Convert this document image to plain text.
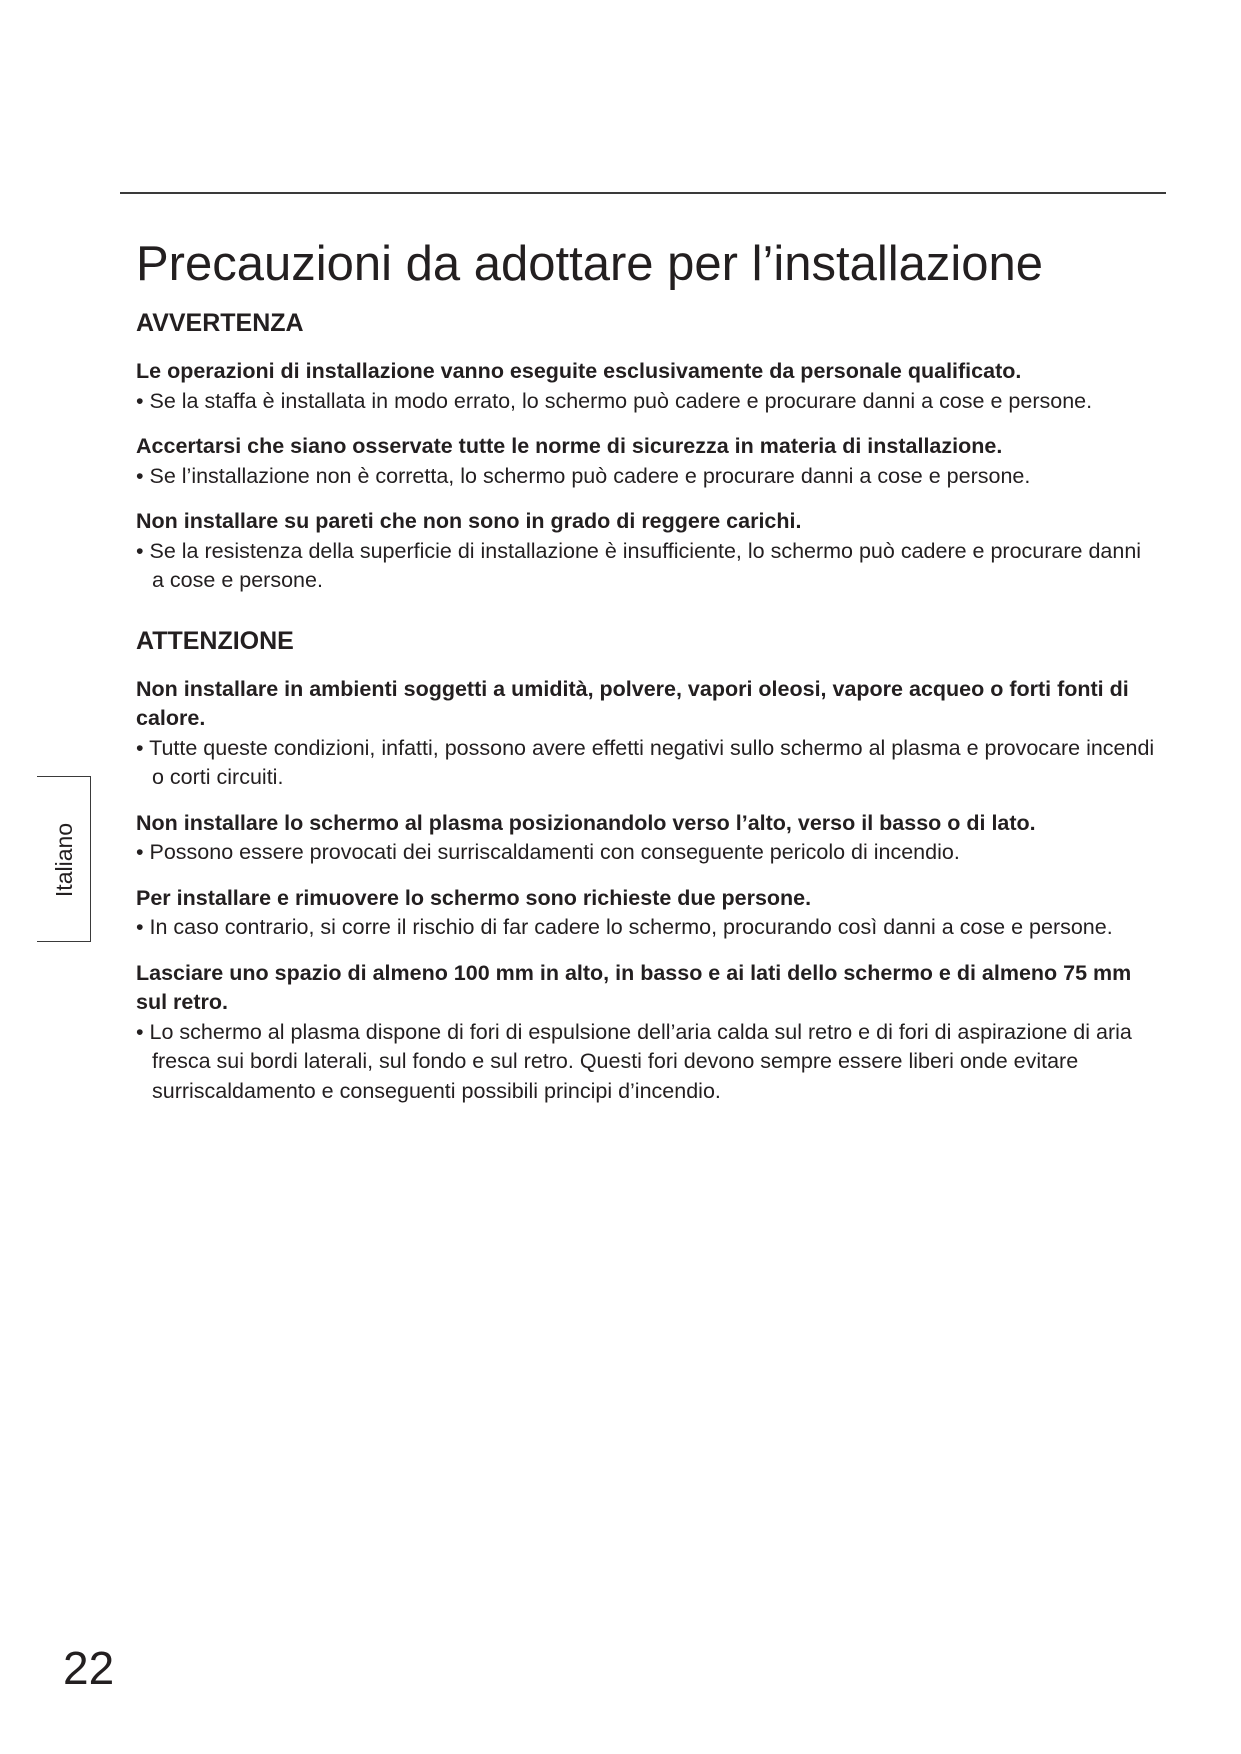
Precauzioni da adottare per l’installazione
AVVERTENZA

Le operazioni di installazione vanno eseguite esclusivamente da personale qualificato.

• Se la staffa è installata in modo errato, lo schermo può cadere e procurare danni a cose e persone.

Accertarsi che siano osservate tutte le norme di sicurezza in materia di installazione.

• Se l’installazione non è corretta, lo schermo può cadere e procurare danni a cose e persone.

Non installare su pareti che non sono in grado di reggere carichi.

• Se la resistenza della superficie di installazione è insufficiente, lo schermo può cadere e procurare danni a cose e persone.

ATTENZIONE

Non installare in ambienti soggetti a umidità, polvere, vapori oleosi, vapore acqueo o forti fonti di calore.

• Tutte queste condizioni, infatti, possono avere effetti negativi sullo schermo al plasma e provocare incendi o corti circuiti.

Non installare lo schermo al plasma posizionandolo verso l’alto, verso il basso o di lato.

• Possono essere provocati dei surriscaldamenti con conseguente pericolo di incendio.

Per installare e rimuovere lo schermo sono richieste due persone.

• In caso contrario, si corre il rischio di far cadere lo schermo, procurando così danni a cose e persone.

Lasciare uno spazio di almeno 100 mm in alto, in basso e ai lati dello schermo e di almeno 75 mm sul retro.

• Lo schermo al plasma dispone di fori di espulsione dell’aria calda sul retro e di fori di aspirazione di aria fresca sui bordi laterali, sul fondo e sul retro. Questi fori devono sempre essere liberi onde evitare surriscaldamento e conseguenti possibili principi d’incendio.

Italiano
22
